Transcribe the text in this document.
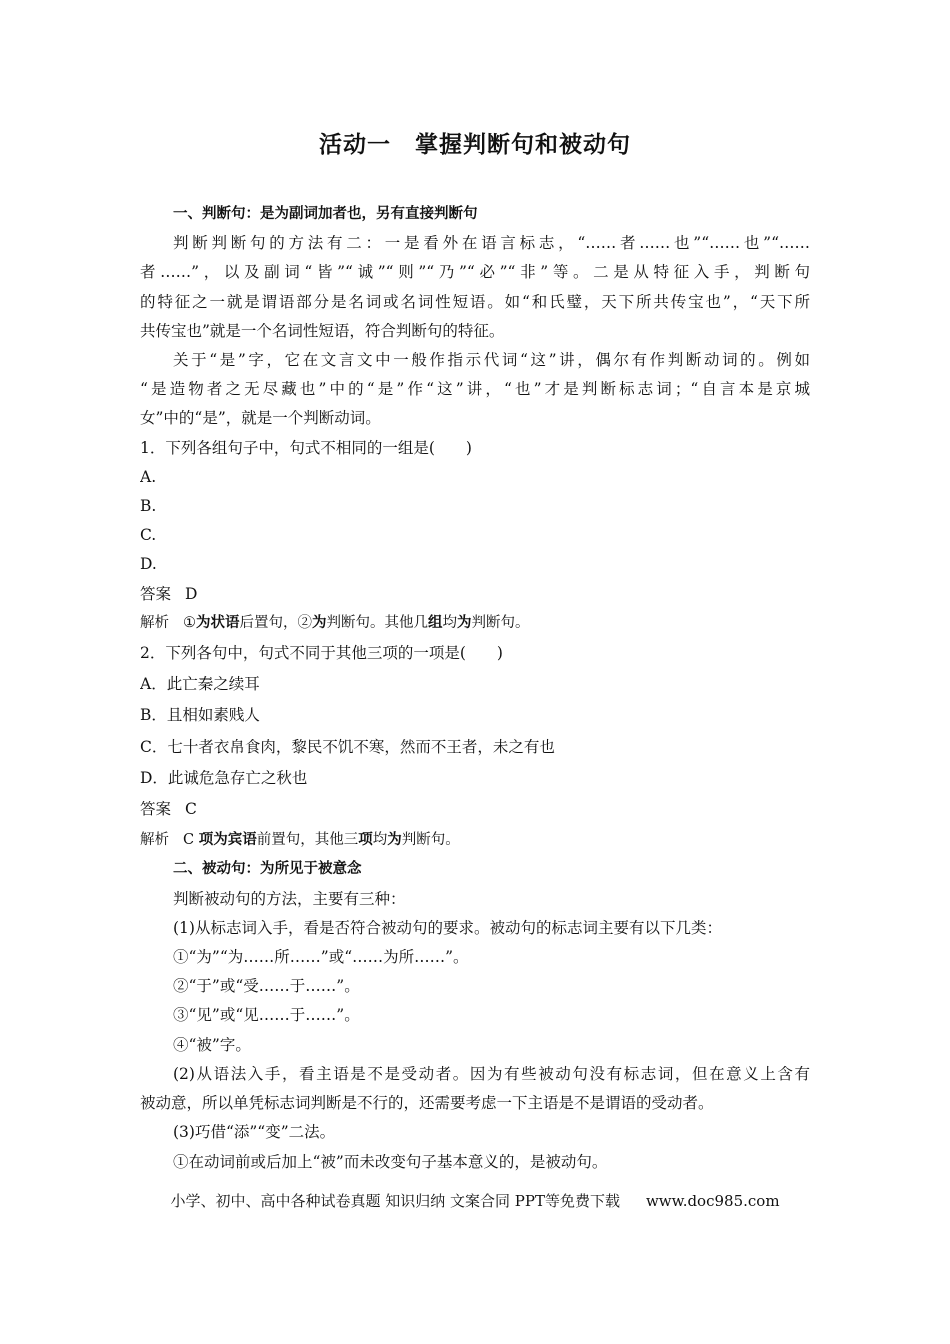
活动一　掌握判断句和被动句
一、判断句：是为副词加者也，另有直接判断句
判断判断句的方法有二：一是看外在语言标志，“……者……也”“……也”“……
者……”，以及副词“皆”“诚”“则”“乃”“必”“非”等。二是从特征入手，判断句
的特征之一就是谓语部分是名词或名词性短语。如“和氏璧，天下所共传宝也”，“天下所
共传宝也”就是一个名词性短语，符合判断句的特征。
关于“是”字，它在文言文中一般作指示代词“这”讲，偶尔有作判断动词的。例如
“是造物者之无尽藏也”中的“是”作“这”讲，“也”才是判断标志词；“自言本是京城
女”中的“是”，就是一个判断动词。
1．下列各组句子中，句式不相同的一组是(　　)
A.
B.
C.
D.
答案 D
解析 ①为状语后置句，②为判断句。其他几组均为判断句。
2．下列各句中，句式不同于其他三项的一项是(　　)
A．此亡秦之续耳
B．且相如素贱人
C．七十者衣帛食肉，黎民不饥不寒，然而不王者，未之有也
D．此诚危急存亡之秋也
答案 C
解析 C 项为宾语前置句，其他三项均为判断句。
二、被动句：为所见于被意念
判断被动句的方法，主要有三种：
(1)从标志词入手，看是否符合被动句的要求。被动句的标志词主要有以下几类：
①“为”“为……所……”或“……为所……”。
②“于”或“受……于……”。
③“见”或“见……于……”。
④“被”字。
(2)从语法入手，看主语是不是受动者。因为有些被动句没有标志词，但在意义上含有
被动意，所以单凭标志词判断是不行的，还需要考虑一下主语是不是谓语的受动者。
(3)巧借“添”“变”二法。
①在动词前或后加上“被”而未改变句子基本意义的，是被动句。
小学、初中、高中各种试卷真题 知识归纳 文案合同 PPT等免费下载 www.doc985.com
